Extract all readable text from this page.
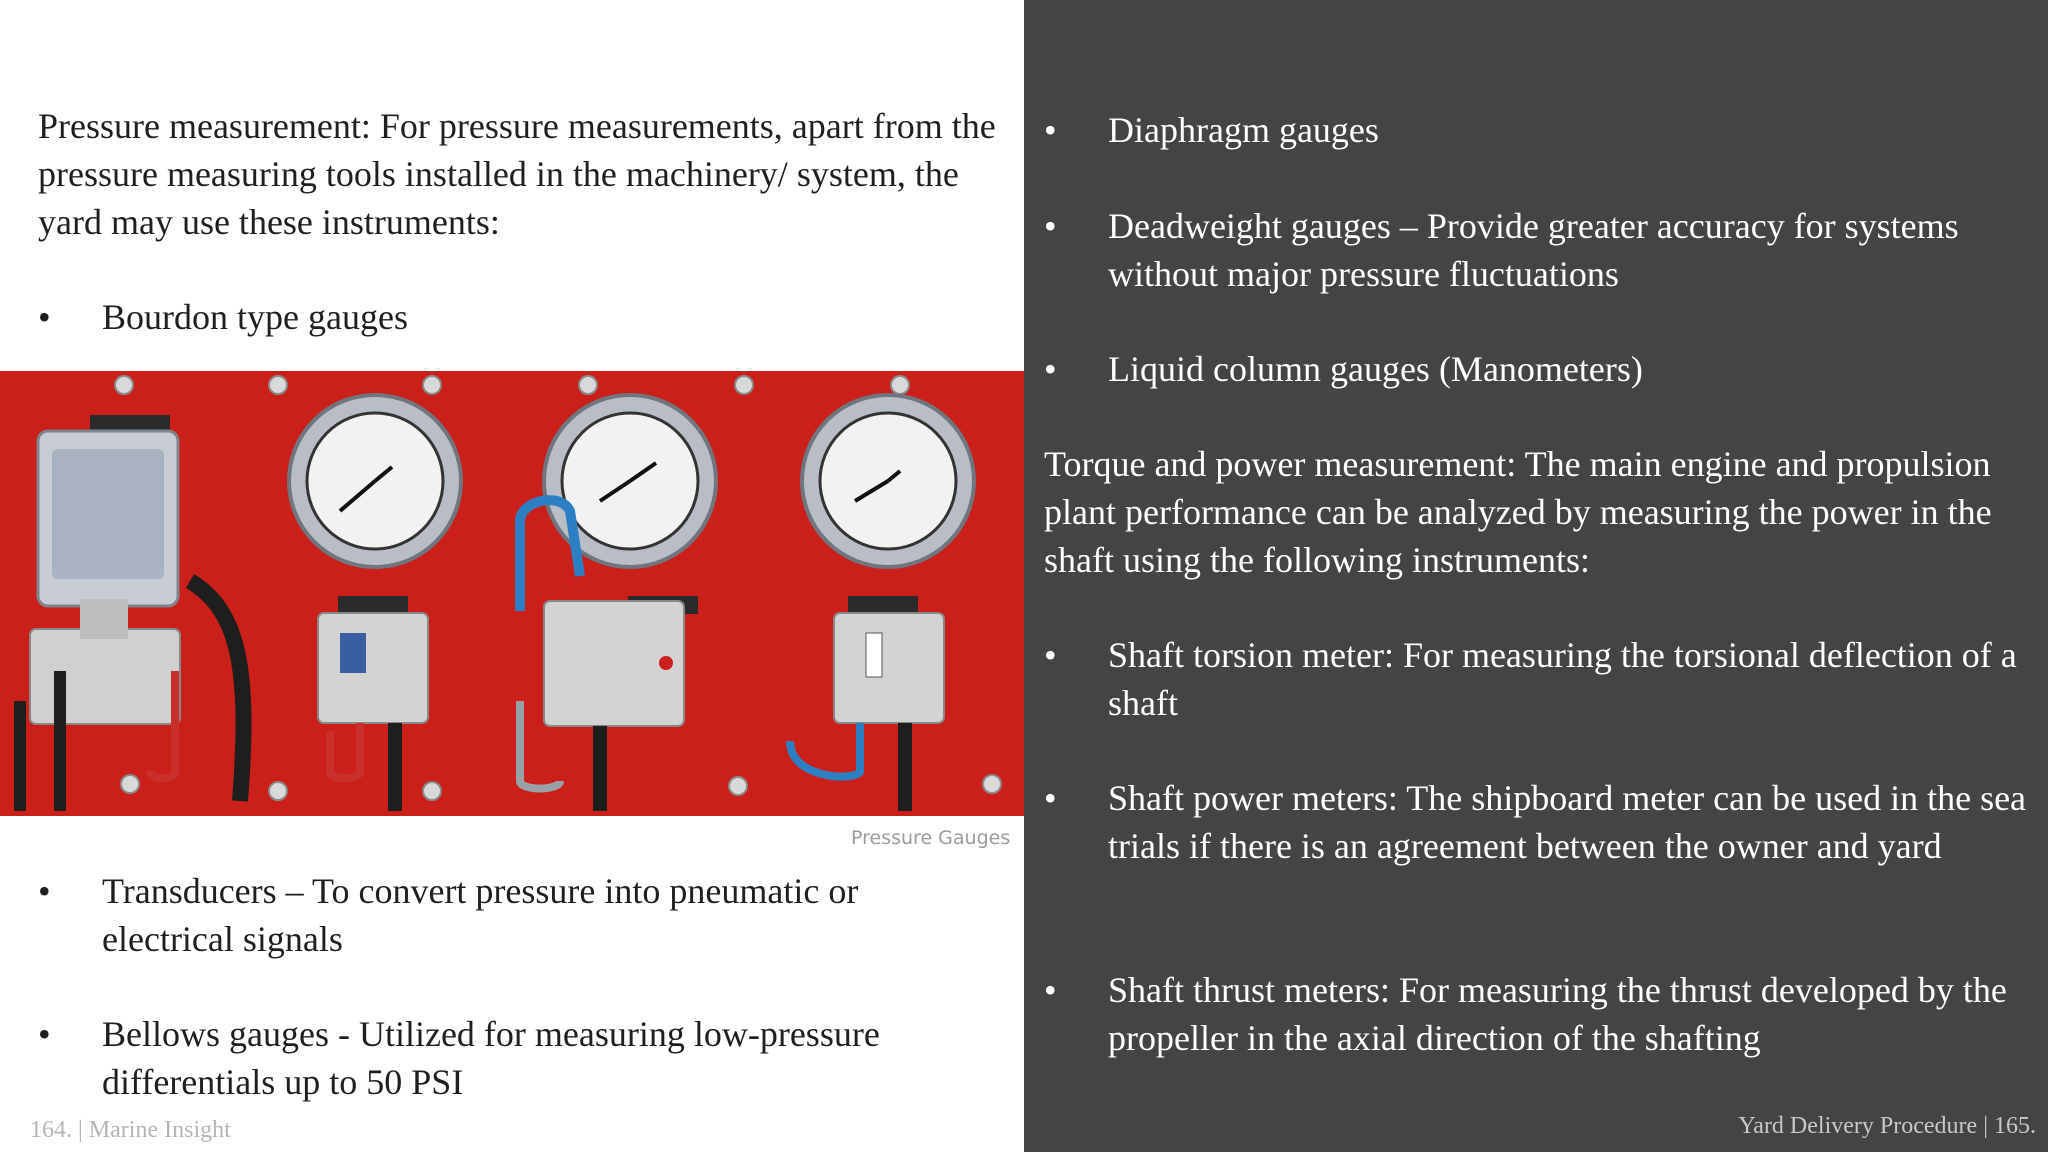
Pressure measurement: For pressure measurements, apart from the pressure measuring tools installed in the machinery/ system, the yard may use these instruments:

•	Bourdon type gauges
Pressure Gauges
•	Transducers – To convert pressure into pneumatic or electrical signals
•	Bellows gauges - Utilized for measuring low-pressure differentials up to 50 PSI
164. | Marine Insight
•	Diaphragm gauges
•	Deadweight gauges – Provide greater accuracy for systems without major pressure fluctuations
•	Liquid column gauges (Manometers)

Torque and power measurement: The main engine and propulsion plant performance can be analyzed by measuring the power in the shaft using the following instruments:

•	Shaft torsion meter: For measuring the torsional deflection of a shaft
•	Shaft power meters: The shipboard meter can be used in the sea trials if there is an agreement between the owner and yard
•	Shaft thrust meters: For measuring the thrust developed by the propeller in the axial direction of the shafting
Yard Delivery Procedure | 165.
